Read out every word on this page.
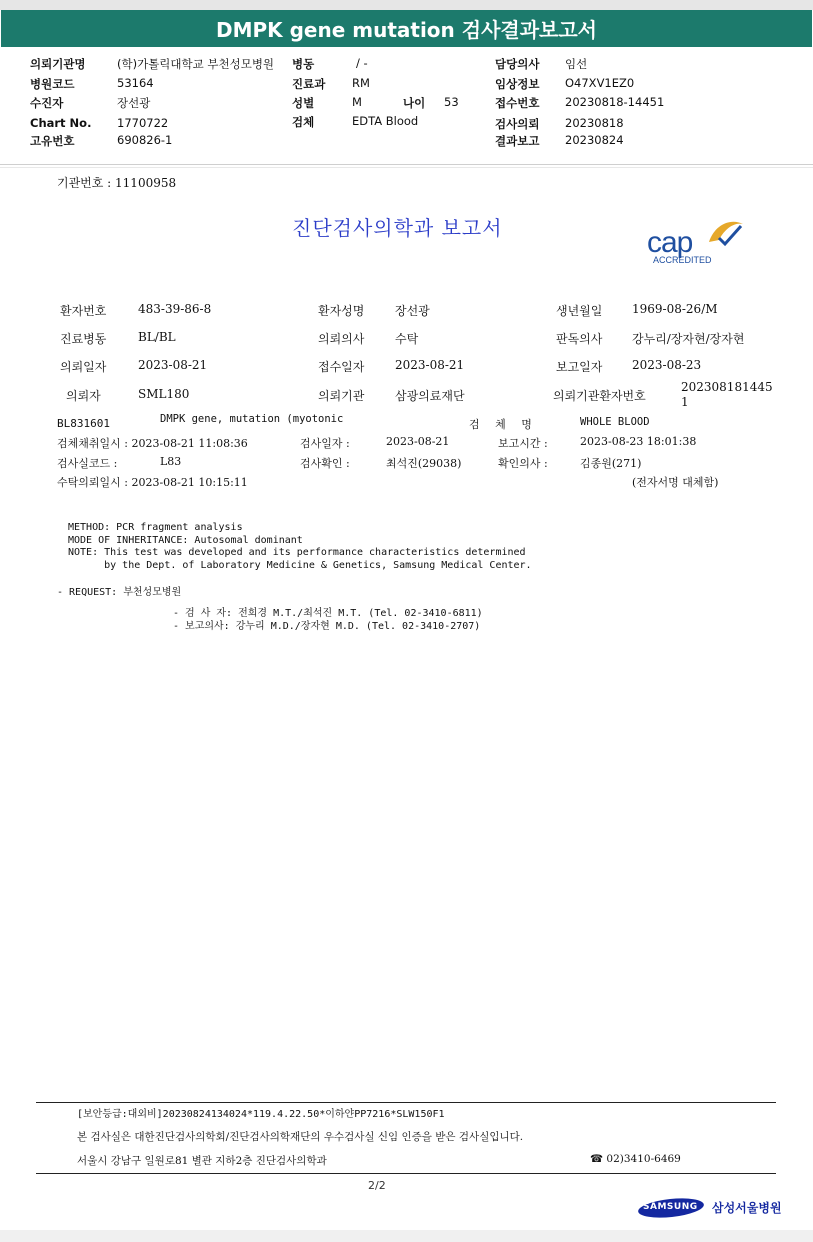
DMPK gene mutation 검사결과보고서
의뢰기관명	(학)가톨릭대학교 부천성모병원 병동	/ -	담당의사 임선
병원코드	53164	진료과 RM	임상정보 O47XV1EZ0
수진자	장선광	성별	M	나이 53	접수번호 20230818-14451
Chart No. 1770722	검체	EDTA Blood	검사의뢰 20230818
고유번호	690826-1	결과보고 20230824
기관번호 : 11100958
진단검사의학과 보고서	cap
ACCREDITED
환자번호	483-39-86-8	환자성명	장선광	생년월일 1969-08-26/M
진료병동	BL/BL	의뢰의사	수탁	판독의사 강누리/장자현/장자현
의뢰일자	2023-08-21	접수일자	2023-08-21	보고일자 2023-08-23
의뢰자	SML180	의뢰기관	삼광의료재단	의뢰기관환자번호
202308181445
1
BL831601	DMPK gene, mutation (myotonic	검 체 명	WHOLE BLOOD
검체채취일시 : 2023-08-21 11:08:36	검사일자 :	2023-08-21	보고시간 :	2023-08-23 18:01:38
검사실코드 :	L83	검사확인 :	최석진(29038)	확인의사 :	김종원(271)
수탁의뢰일시 : 2023-08-21 10:15:11	(전자서명 대체함)
METHOD: PCR fragment analysis
MODE OF INHERITANCE: Autosomal dominant
NOTE: This test was developed and its performance characteristics determined
by the Dept. of Laboratory Medicine & Genetics, Samsung Medical Center.
- REQUEST: 부천성모병원
- 검 사 자: 전희경 M.T./최석진 M.T. (Tel. 02-3410-6811)
- 보고의사: 강누리 M.D./장자현 M.D. (Tel. 02-3410-2707)
[보안등급:대외비]20230824134024*119.4.22.50*이하얀PP7216*SLW150F1
본 검사실은 대한진단검사의학회/진단검사의학재단의 우수검사실 신임 인증을 받은 검사실입니다.
서울시 강남구 일원로81 별관 지하2층 진단검사의학과	☎ 02)3410-6469
2/2
SAMSUNG 삼성서울병원
